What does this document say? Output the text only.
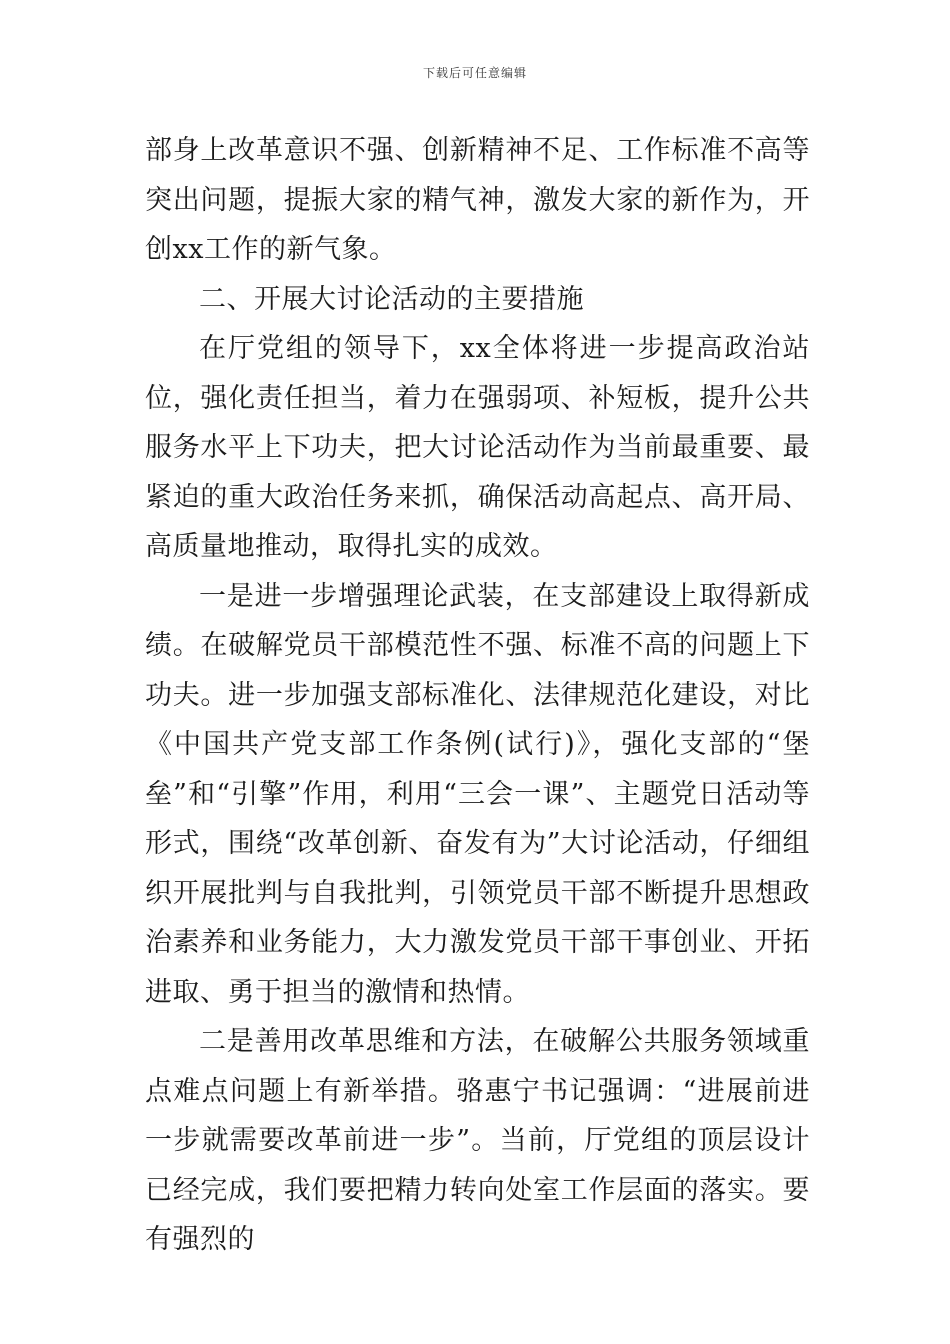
下载后可任意编辑

部身上改革意识不强、创新精神不足、工作标准不高等突出问题，提振大家的精气神，激发大家的新作为，开创xx工作的新气象。

二、开展大讨论活动的主要措施

在厅党组的领导下，xx全体将进一步提高政治站位，强化责任担当，着力在强弱项、补短板，提升公共服务水平上下功夫，把大讨论活动作为当前最重要、最紧迫的重大政治任务来抓，确保活动高起点、高开局、高质量地推动，取得扎实的成效。

一是进一步增强理论武装，在支部建设上取得新成绩。在破解党员干部模范性不强、标准不高的问题上下功夫。进一步加强支部标准化、法律规范化建设，对比《中国共产党支部工作条例(试行)》，强化支部的“堡垒”和“引擎”作用，利用“三会一课”、主题党日活动等形式，围绕“改革创新、奋发有为”大讨论活动，仔细组织开展批判与自我批判，引领党员干部不断提升思想政治素养和业务能力，大力激发党员干部干事创业、开拓进取、勇于担当的激情和热情。

二是善用改革思维和方法，在破解公共服务领域重点难点问题上有新举措。骆惠宁书记强调：“进展前进一步就需要改革前进一步”。当前，厅党组的顶层设计已经完成，我们要把精力转向处室工作层面的落实。要有强烈的
